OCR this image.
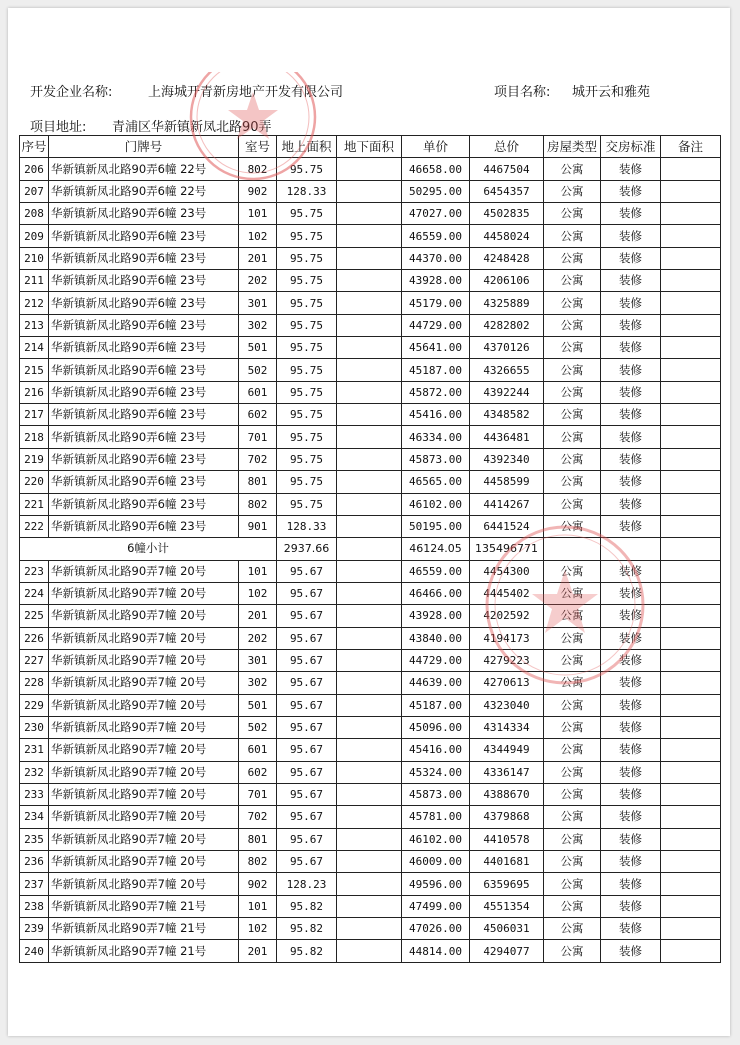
开发企业名称:	上海城开青新房地产开发有限公司	项目名称: 城开云和雅苑
项目地址: 青浦区华新镇新凤北路90弄
序号	门牌号	室号	地上面积	地下面积	单价	总价	房屋类型	交房标准	备注
206	华新镇新凤北路90弄6幢 22号	802	95.75		46658.00	4467504	公寓	装修	
207	华新镇新凤北路90弄6幢 22号	902	128.33		50295.00	6454357	公寓	装修	
208	华新镇新凤北路90弄6幢 23号	101	95.75		47027.00	4502835	公寓	装修	
209	华新镇新凤北路90弄6幢 23号	102	95.75		46559.00	4458024	公寓	装修	
210	华新镇新凤北路90弄6幢 23号	201	95.75		44370.00	4248428	公寓	装修	
211	华新镇新凤北路90弄6幢 23号	202	95.75		43928.00	4206106	公寓	装修	
212	华新镇新凤北路90弄6幢 23号	301	95.75		45179.00	4325889	公寓	装修	
213	华新镇新凤北路90弄6幢 23号	302	95.75		44729.00	4282802	公寓	装修	
214	华新镇新凤北路90弄6幢 23号	501	95.75		45641.00	4370126	公寓	装修	
215	华新镇新凤北路90弄6幢 23号	502	95.75		45187.00	4326655	公寓	装修	
216	华新镇新凤北路90弄6幢 23号	601	95.75		45872.00	4392244	公寓	装修	
217	华新镇新凤北路90弄6幢 23号	602	95.75		45416.00	4348582	公寓	装修	
218	华新镇新凤北路90弄6幢 23号	701	95.75		46334.00	4436481	公寓	装修	
219	华新镇新凤北路90弄6幢 23号	702	95.75		45873.00	4392340	公寓	装修	
220	华新镇新凤北路90弄6幢 23号	801	95.75		46565.00	4458599	公寓	装修	
221	华新镇新凤北路90弄6幢 23号	802	95.75		46102.00	4414267	公寓	装修	
222	华新镇新凤北路90弄6幢 23号	901	128.33		50195.00	6441524	公寓	装修	
6幢小计			2937.66		46124.05	135496771			
223	华新镇新凤北路90弄7幢 20号	101	95.67		46559.00	4454300	公寓	装修	
224	华新镇新凤北路90弄7幢 20号	102	95.67		46466.00	4445402	公寓	装修	
225	华新镇新凤北路90弄7幢 20号	201	95.67		43928.00	4202592	公寓	装修	
226	华新镇新凤北路90弄7幢 20号	202	95.67		43840.00	4194173	公寓	装修	
227	华新镇新凤北路90弄7幢 20号	301	95.67		44729.00	4279223	公寓	装修	
228	华新镇新凤北路90弄7幢 20号	302	95.67		44639.00	4270613	公寓	装修	
229	华新镇新凤北路90弄7幢 20号	501	95.67		45187.00	4323040	公寓	装修	
230	华新镇新凤北路90弄7幢 20号	502	95.67		45096.00	4314334	公寓	装修	
231	华新镇新凤北路90弄7幢 20号	601	95.67		45416.00	4344949	公寓	装修	
232	华新镇新凤北路90弄7幢 20号	602	95.67		45324.00	4336147	公寓	装修	
233	华新镇新凤北路90弄7幢 20号	701	95.67		45873.00	4388670	公寓	装修	
234	华新镇新凤北路90弄7幢 20号	702	95.67		45781.00	4379868	公寓	装修	
235	华新镇新凤北路90弄7幢 20号	801	95.67		46102.00	4410578	公寓	装修	
236	华新镇新凤北路90弄7幢 20号	802	95.67		46009.00	4401681	公寓	装修	
237	华新镇新凤北路90弄7幢 20号	902	128.23		49596.00	6359695	公寓	装修	
238	华新镇新凤北路90弄7幢 21号	101	95.82		47499.00	4551354	公寓	装修	
239	华新镇新凤北路90弄7幢 21号	102	95.82		47026.00	4506031	公寓	装修	
240	华新镇新凤北路90弄7幢 21号	201	95.82		44814.00	4294077	公寓	装修	
